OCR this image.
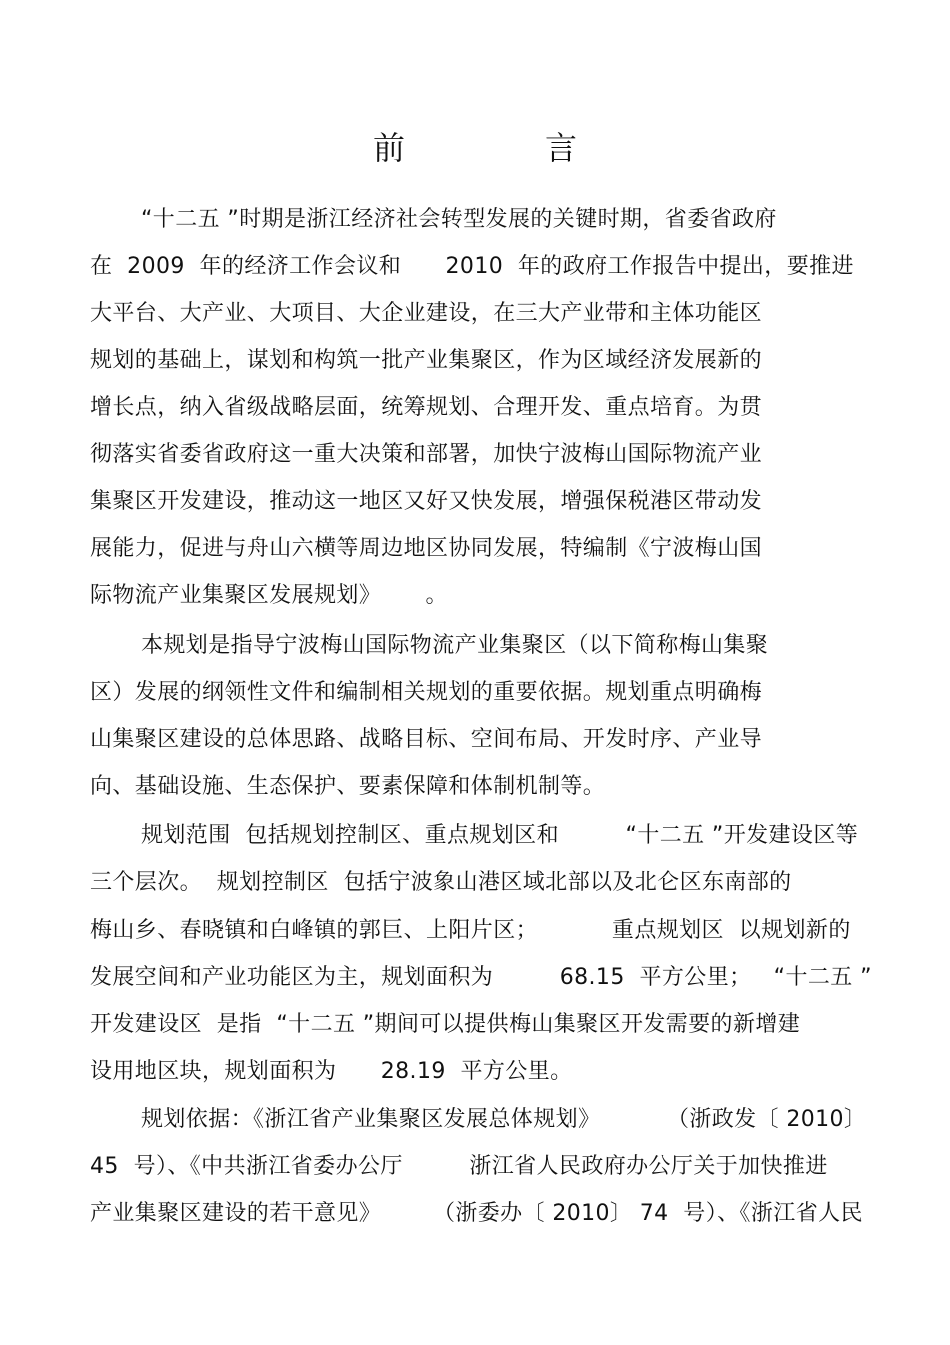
前　言
“十二五 ”时期是浙江经济社会转型发展的关键时期，省委省政府
在  2009  年的经济工作会议和      2010  年的政府工作报告中提出，要推进
大平台、大产业、大项目、大企业建设，在三大产业带和主体功能区
规划的基础上，谋划和构筑一批产业集聚区，作为区域经济发展新的
增长点，纳入省级战略层面，统筹规划、合理开发、重点培育。为贯
彻落实省委省政府这一重大决策和部署，加快宁波梅山国际物流产业
集聚区开发建设，推动这一地区又好又快发展，增强保税港区带动发
展能力，促进与舟山六横等周边地区协同发展，特编制《宁波梅山国
际物流产业集聚区发展规划》      。
本规划是指导宁波梅山国际物流产业集聚区（以下简称梅山集聚
区）发展的纲领性文件和编制相关规划的重要依据。规划重点明确梅
山集聚区建设的总体思路、战略目标、空间布局、开发时序、产业导
向、基础设施、生态保护、要素保障和体制机制等。
规划范围  包括规划控制区、重点规划区和         “十二五 ”开发建设区等
三个层次。  规划控制区  包括宁波象山港区域北部以及北仑区东南部的
梅山乡、春晓镇和白峰镇的郭巨、上阳片区；          重点规划区  以规划新的
发展空间和产业功能区为主，规划面积为         68.15  平方公里；   “十二五 ”
开发建设区  是指  “十二五 ”期间可以提供梅山集聚区开发需要的新增建
设用地区块，规划面积为      28.19  平方公里。
规划依据：《浙江省产业集聚区发展总体规划》         （浙政发〔 2010〕
45  号）、《中共浙江省委办公厅         浙江省人民政府办公厅关于加快推进
产业集聚区建设的若干意见》       （浙委办〔 2010〕 74  号）、《浙江省人民
